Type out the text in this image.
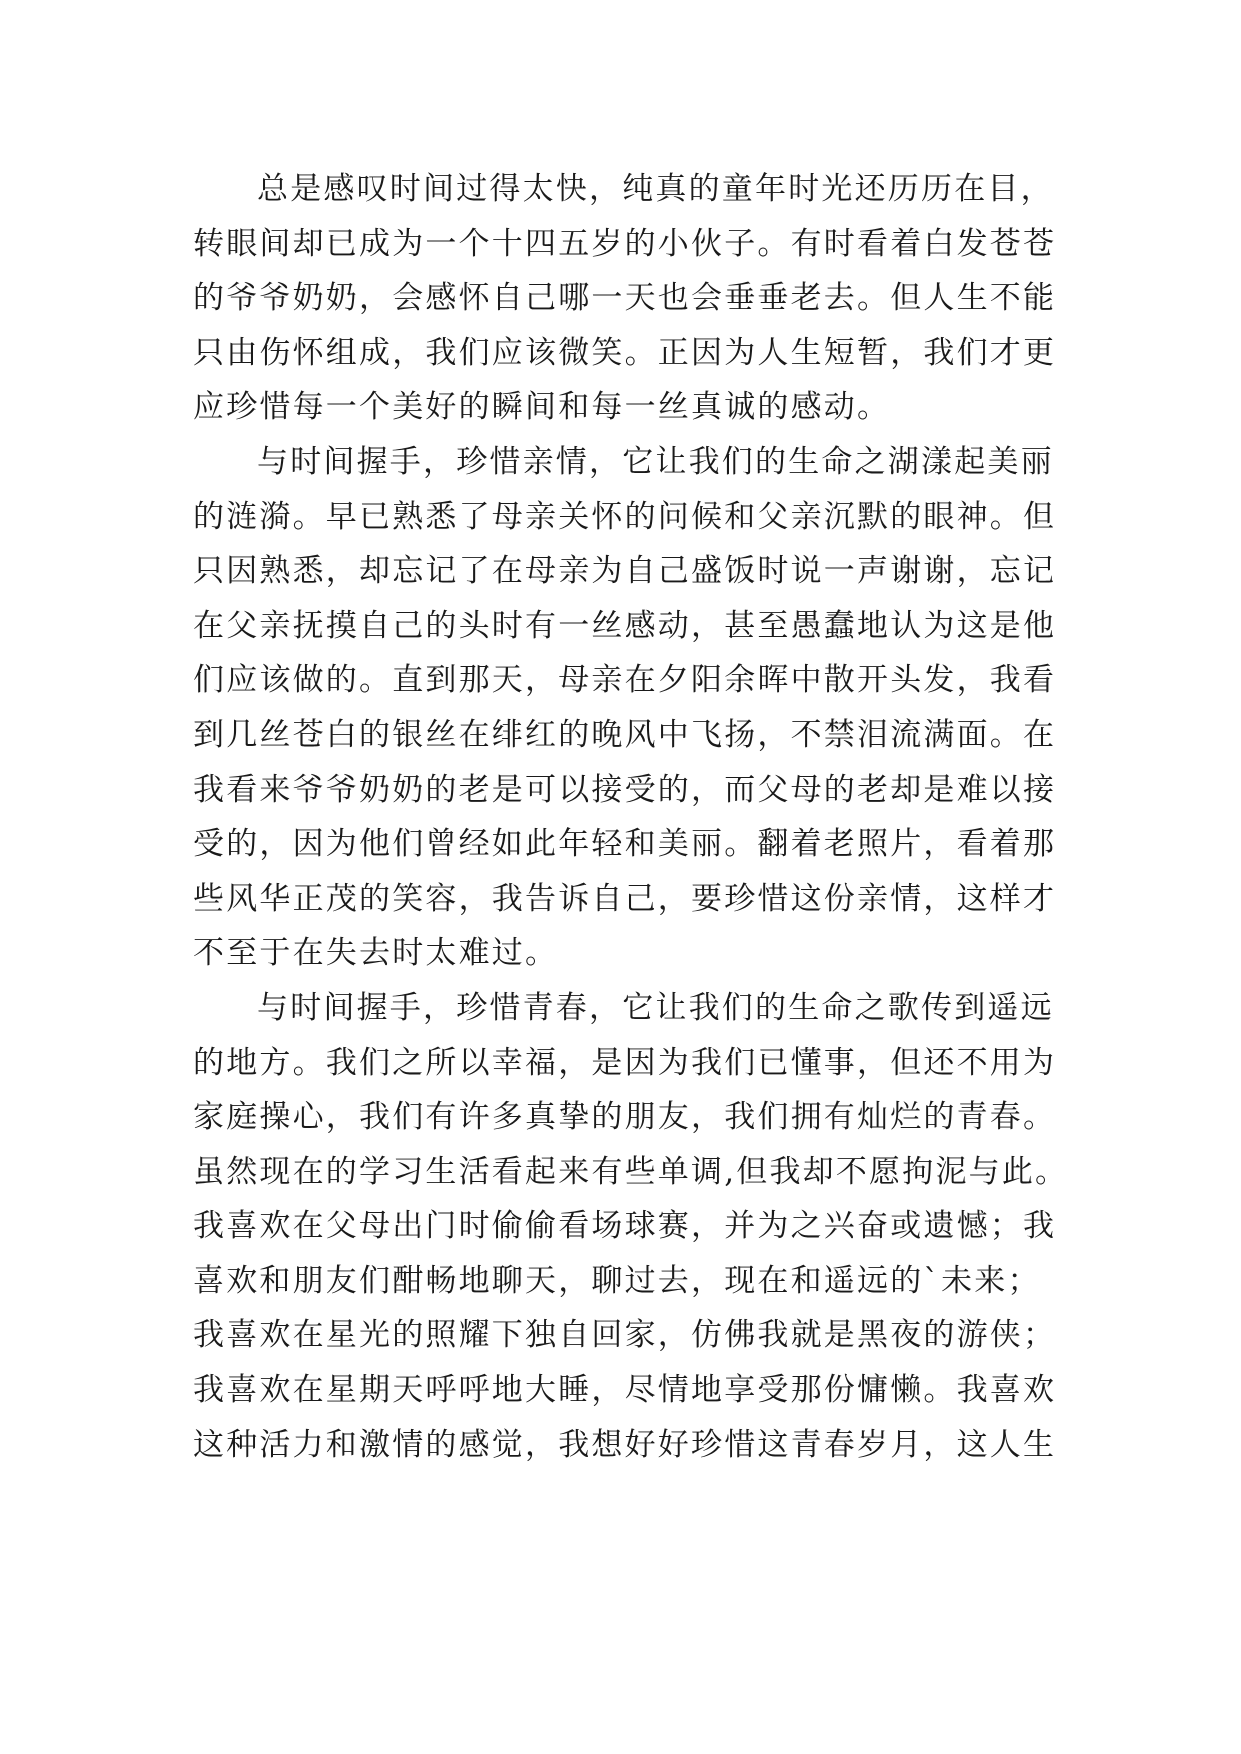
总是感叹时间过得太快，纯真的童年时光还历历在目，
转眼间却已成为一个十四五岁的小伙子。有时看着白发苍苍
的爷爷奶奶，会感怀自己哪一天也会垂垂老去。但人生不能
只由伤怀组成，我们应该微笑。正因为人生短暂，我们才更
应珍惜每一个美好的瞬间和每一丝真诚的感动。
与时间握手，珍惜亲情，它让我们的生命之湖漾起美丽
的涟漪。早已熟悉了母亲关怀的问候和父亲沉默的眼神。但
只因熟悉，却忘记了在母亲为自己盛饭时说一声谢谢，忘记
在父亲抚摸自己的头时有一丝感动，甚至愚蠢地认为这是他
们应该做的。直到那天，母亲在夕阳余晖中散开头发，我看
到几丝苍白的银丝在绯红的晚风中飞扬，不禁泪流满面。在
我看来爷爷奶奶的老是可以接受的，而父母的老却是难以接
受的，因为他们曾经如此年轻和美丽。翻着老照片，看着那
些风华正茂的笑容，我告诉自己，要珍惜这份亲情，这样才
不至于在失去时太难过。
与时间握手，珍惜青春，它让我们的生命之歌传到遥远
的地方。我们之所以幸福，是因为我们已懂事，但还不用为
家庭操心，我们有许多真挚的朋友，我们拥有灿烂的青春。
虽然现在的学习生活看起来有些单调,但我却不愿拘泥与此。
我喜欢在父母出门时偷偷看场球赛，并为之兴奋或遗憾；我
喜欢和朋友们酣畅地聊天，聊过去，现在和遥远的`未来；
我喜欢在星光的照耀下独自回家，仿佛我就是黑夜的游侠；
我喜欢在星期天呼呼地大睡，尽情地享受那份慵懒。我喜欢
这种活力和激情的感觉，我想好好珍惜这青春岁月，这人生
